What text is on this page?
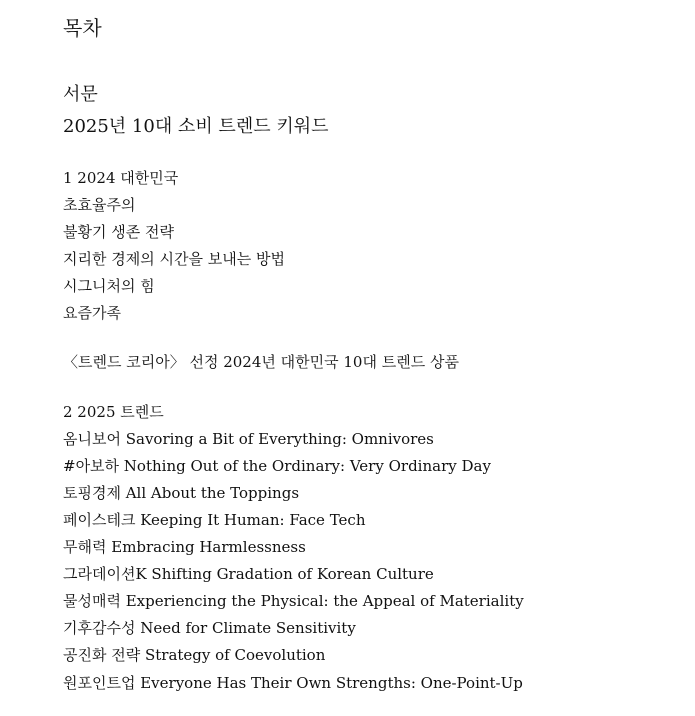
목차
서문
2025년 10대 소비 트렌드 키워드
1 2024 대한민국
초효율주의
불황기 생존 전략
지리한 경제의 시간을 보내는 방법
시그니처의 힘
요즘가족
〈트렌드 코리아〉 선정 2024년 대한민국 10대 트렌드 상품
2 2025 트렌드
옴니보어 Savoring a Bit of Everything: Omnivores
#아보하 Nothing Out of the Ordinary: Very Ordinary Day
토핑경제 All About the Toppings
페이스테크 Keeping It Human: Face Tech
무해력 Embracing Harmlessness
그라데이션K Shifting Gradation of Korean Culture
물성매력 Experiencing the Physical: the Appeal of Materiality
기후감수성 Need for Climate Sensitivity
공진화 전략 Strategy of Coevolution
원포인트업 Everyone Has Their Own Strengths: One-Point-Up
